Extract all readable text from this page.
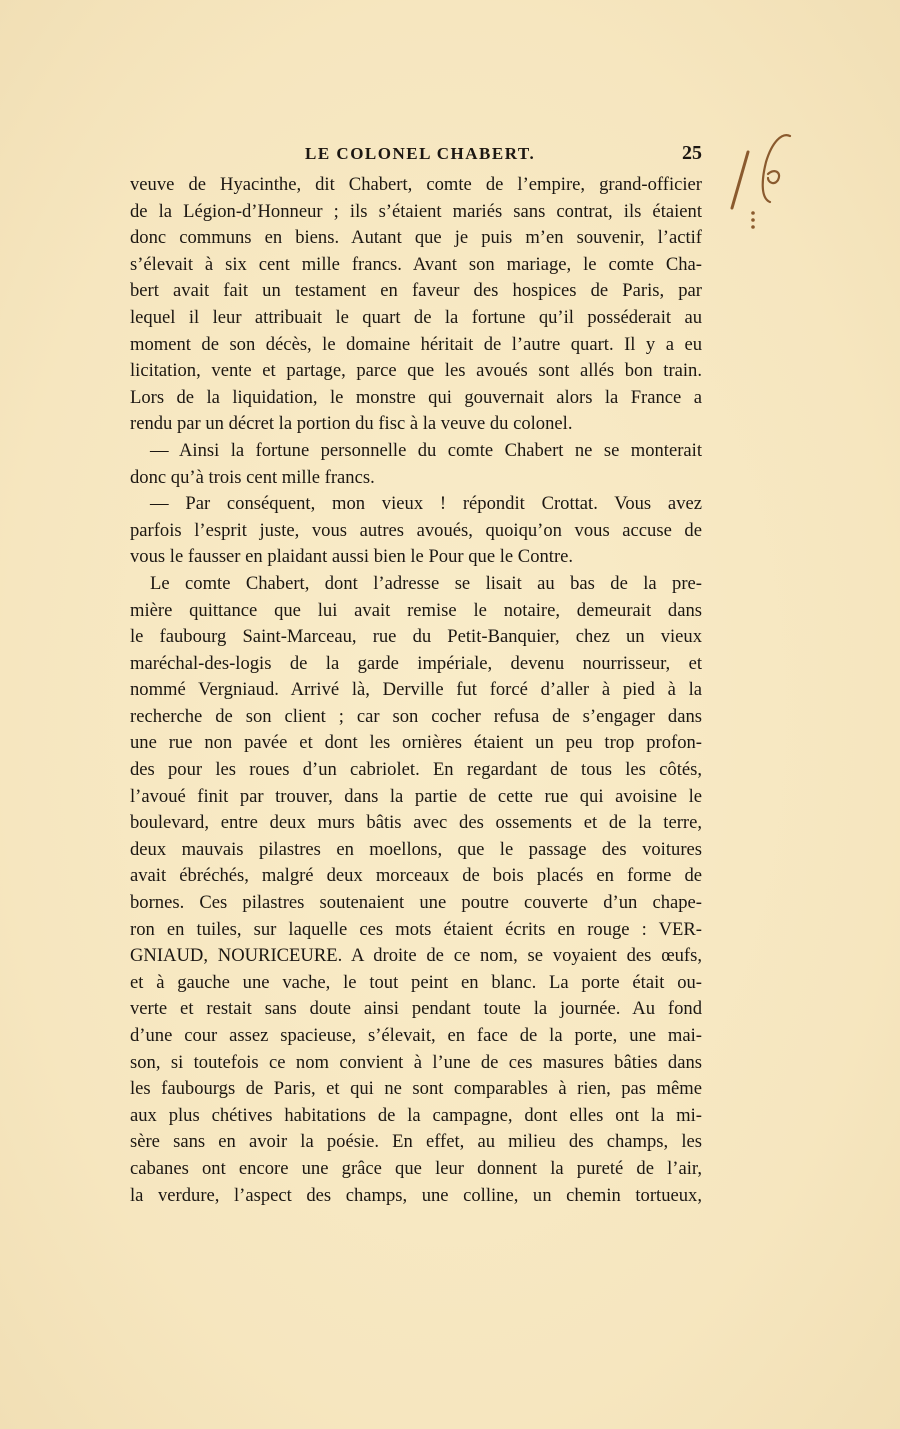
LE COLONEL CHABERT.	25
veuve de Hyacinthe, dit Chabert, comte de l’empire, grand-officier
de la Légion-d’Honneur ; ils s’étaient mariés sans contrat, ils étaient
donc communs en biens. Autant que je puis m’en souvenir, l’actif
s’élevait à six cent mille francs. Avant son mariage, le comte Cha-
bert avait fait un testament en faveur des hospices de Paris, par
lequel il leur attribuait le quart de la fortune qu’il posséderait au
moment de son décès, le domaine héritait de l’autre quart. Il y a eu
licitation, vente et partage, parce que les avoués sont allés bon train.
Lors de la liquidation, le monstre qui gouvernait alors la France a
rendu par un décret la portion du fisc à la veuve du colonel.
— Ainsi la fortune personnelle du comte Chabert ne se monterait
donc qu’à trois cent mille francs.
— Par conséquent, mon vieux ! répondit Crottat. Vous avez
parfois l’esprit juste, vous autres avoués, quoiqu’on vous accuse de
vous le fausser en plaidant aussi bien le Pour que le Contre.
Le comte Chabert, dont l’adresse se lisait au bas de la pre-
mière quittance que lui avait remise le notaire, demeurait dans
le faubourg Saint-Marceau, rue du Petit-Banquier, chez un vieux
maréchal-des-logis de la garde impériale, devenu nourrisseur, et
nommé Vergniaud. Arrivé là, Derville fut forcé d’aller à pied à la
recherche de son client ; car son cocher refusa de s’engager dans
une rue non pavée et dont les ornières étaient un peu trop profon-
des pour les roues d’un cabriolet. En regardant de tous les côtés,
l’avoué finit par trouver, dans la partie de cette rue qui avoisine le
boulevard, entre deux murs bâtis avec des ossements et de la terre,
deux mauvais pilastres en moellons, que le passage des voitures
avait ébréchés, malgré deux morceaux de bois placés en forme de
bornes. Ces pilastres soutenaient une poutre couverte d’un chape-
ron en tuiles, sur laquelle ces mots étaient écrits en rouge : VER-
GNIAUD, NOURICEURE. A droite de ce nom, se voyaient des œufs,
et à gauche une vache, le tout peint en blanc. La porte était ou-
verte et restait sans doute ainsi pendant toute la journée. Au fond
d’une cour assez spacieuse, s’élevait, en face de la porte, une mai-
son, si toutefois ce nom convient à l’une de ces masures bâties dans
les faubourgs de Paris, et qui ne sont comparables à rien, pas même
aux plus chétives habitations de la campagne, dont elles ont la mi-
sère sans en avoir la poésie. En effet, au milieu des champs, les
cabanes ont encore une grâce que leur donnent la pureté de l’air,
la verdure, l’aspect des champs, une colline, un chemin tortueux,
